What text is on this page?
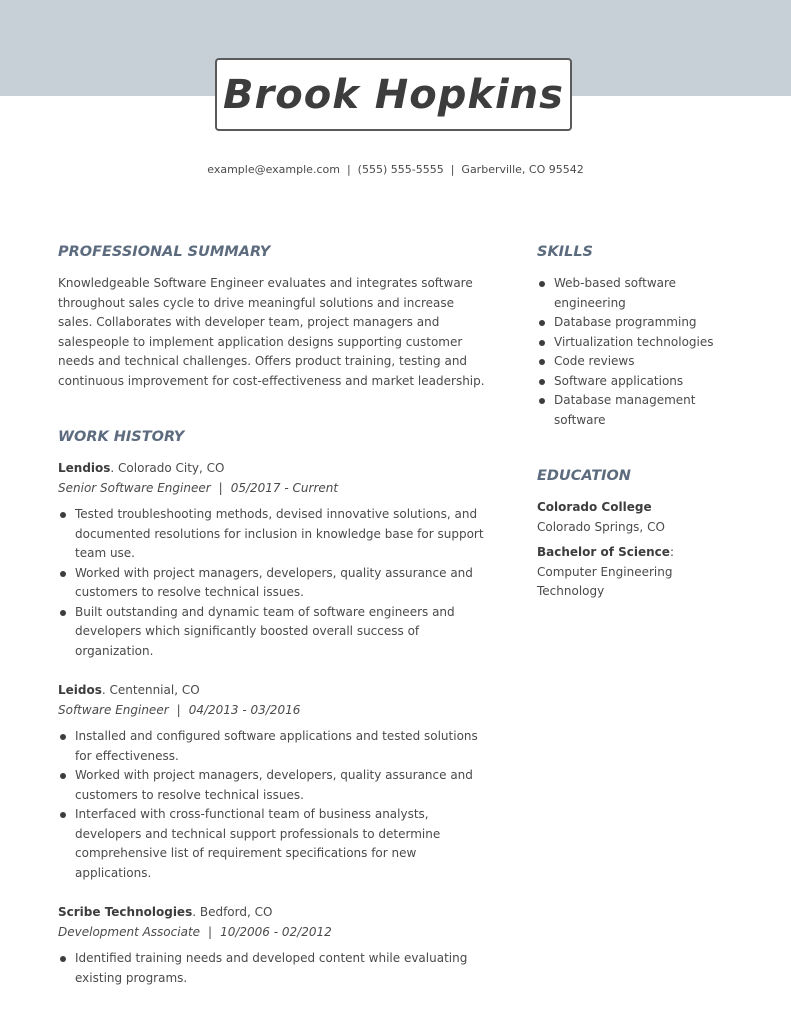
Brook Hopkins
example@example.com | (555) 555-5555 | Garberville, CO 95542
PROFESSIONAL SUMMARY

Knowledgeable Software Engineer evaluates and integrates software throughout sales cycle to drive meaningful solutions and increase sales. Collaborates with developer team, project managers and salespeople to implement application designs supporting customer needs and technical challenges. Offers product training, testing and continuous improvement for cost-effectiveness and market leadership.

WORK HISTORY
Lendios. Colorado City, CO
Senior Software Engineer | 05/2017 - Current
Tested troubleshooting methods, devised innovative solutions, and documented resolutions for inclusion in knowledge base for support team use.
Worked with project managers, developers, quality assurance and customers to resolve technical issues.
Built outstanding and dynamic team of software engineers and developers which significantly boosted overall success of organization.
Leidos. Centennial, CO
Software Engineer | 04/2013 - 03/2016
Installed and configured software applications and tested solutions for effectiveness.
Worked with project managers, developers, quality assurance and customers to resolve technical issues.
Interfaced with cross-functional team of business analysts, developers and technical support professionals to determine comprehensive list of requirement specifications for new applications.
Scribe Technologies. Bedford, CO
Development Associate | 10/2006 - 02/2012
Identified training needs and developed content while evaluating existing programs.
SKILLS
Web-based software engineering
Database programming
Virtualization technologies
Code reviews
Software applications
Database management software
EDUCATION
Colorado College
Colorado Springs, CO
Bachelor of Science: Computer Engineering Technology
